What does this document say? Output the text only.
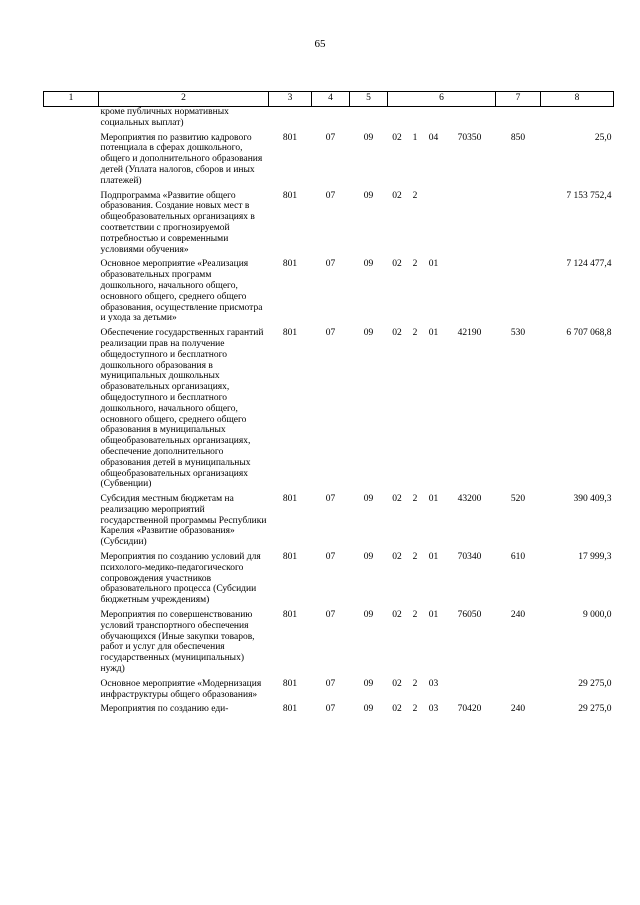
65
1	2	3	4	5	6				7	8
	кроме публичных нормативных социальных выплат)									
	Мероприятия по развитию кадрового потенциала в сферах дошкольного, общего и дополнительного образования детей (Уплата налогов, сборов и иных платежей)	801	07	09	02	1	04	70350	850	25,0
	Подпрограмма «Развитие общего образования. Создание новых мест в общеобразовательных организациях в соответствии с прогнозируемой потребностью и современными условиями обучения»	801	07	09	02	2				7 153 752,4
	Основное мероприятие «Реализация образовательных программ дошкольного, начального общего, основного общего, среднего общего образования, осуществление присмотра и ухода за детьми»	801	07	09	02	2	01			7 124 477,4
	Обеспечение государственных гарантий реализации прав на получение общедоступного и бесплатного дошкольного образования в муниципальных дошкольных образовательных организациях, общедоступного и бесплатного дошкольного, начального общего, основного общего, среднего общего образования в муниципальных общеобразовательных организациях, обеспечение дополнительного образования детей в муниципальных общеобразовательных организациях (Субвенции)	801	07	09	02	2	01	42190	530	6 707 068,8
	Субсидия местным бюджетам на реализацию мероприятий государственной программы Республики Карелия «Развитие образования» (Субсидии)	801	07	09	02	2	01	43200	520	390 409,3
	Мероприятия по созданию условий для психолого-медико-педагогического сопровождения участников образовательного процесса (Субсидии бюджетным учреждениям)	801	07	09	02	2	01	70340	610	17 999,3
	Мероприятия по совершенствованию условий транспортного обеспечения обучающихся (Иные закупки товаров, работ и услуг для обеспечения государственных (муниципальных) нужд)	801	07	09	02	2	01	76050	240	9 000,0
	Основное мероприятие «Модернизация инфраструктуры общего образования»	801	07	09	02	2	03			29 275,0
	Мероприятия по созданию еди-	801	07	09	02	2	03	70420	240	29 275,0
